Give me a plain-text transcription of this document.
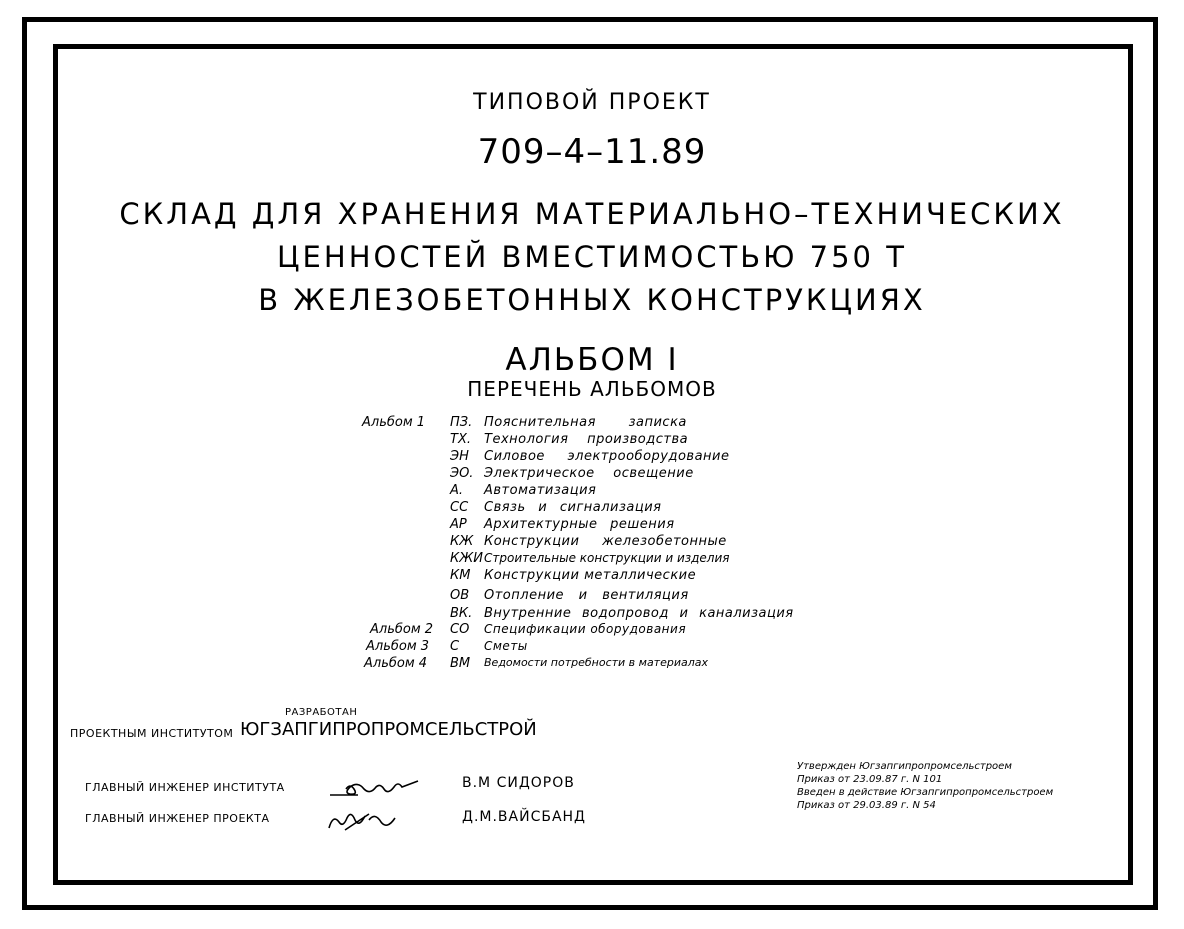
ТИПОВОЙ ПРОЕКТ
709–4–11.89
СКЛАД ДЛЯ ХРАНЕНИЯ МАТЕРИАЛЬНО–ТЕХНИЧЕСКИХ
ЦЕННОСТЕЙ ВМЕСТИМОСТЬЮ 750 Т
В ЖЕЛЕЗОБЕТОННЫХ КОНСТРУКЦИЯХ
АЛЬБОМ I
ПЕРЕЧЕНЬ АЛЬБОМОВ
Альбом 1 ПЗ. Пояснительная записка
ТХ. Технология производства
ЭН Силовое электрооборудование
ЭО. Электрическое освещение
А. Автоматизация
СС Связь и сигнализация
АР Архитектурные решения
КЖ Конструкции железобетонные
КЖИ Строительные конструкции и изделия
КМ Конструкции металлические
ОВ Отопление и вентиляция
ВК. Внутренние водопровод и канализация
Альбом 2 СО Спецификации оборудования
Альбом 3 С Сметы
Альбом 4 ВМ Ведомости потребности в материалах
РАЗРАБОТАН
ПРОЕКТНЫМ ИНСТИТУТОМ ЮГЗАПГИПРОПРОМСЕЛЬСТРОЙ
ГЛАВНЫЙ ИНЖЕНЕР ИНСТИТУТА	В.М СИДОРОВ
ГЛАВНЫЙ ИНЖЕНЕР ПРОЕКТА	Д.М.ВАЙСБАНД
Утвержден Югзапгипропромсельстроем
Приказ от 23.09.87 г. N 101
Введен в действие Югзапгипропромсельстроем
Приказ от 29.03.89 г. N 54
